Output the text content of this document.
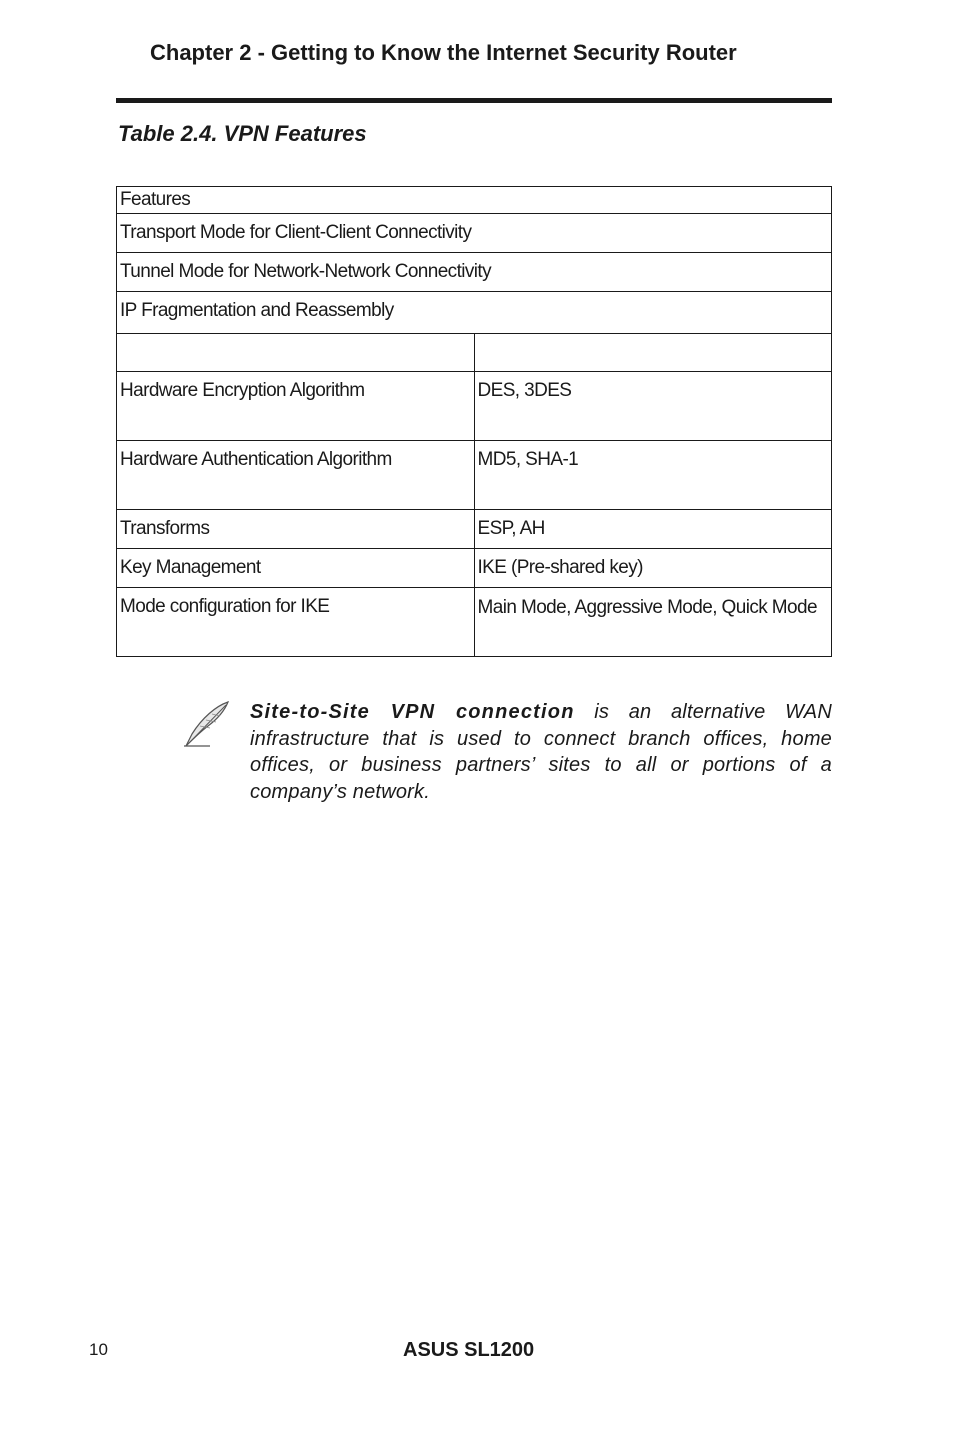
Chapter 2 - Getting to Know the Internet Security Router
Table 2.4. VPN Features
Features	
Transport Mode for Client-Client Connectivity	
Tunnel Mode for Network-Network Connectivity	
IP Fragmentation and Reassembly	

Hardware Encryption Algorithm	DES, 3DES
Hardware Authentication Algorithm	MD5, SHA-1
Transforms	ESP, AH
Key Management	IKE (Pre-shared key)
Mode configuration for IKE	Main Mode, Aggressive Mode, Quick Mode
Site-to-Site VPN connection is an alternative WAN infrastructure that is used to connect branch offices, home offices, or business partners’ sites to all or portions of a company’s network.
10	ASUS SL1200
